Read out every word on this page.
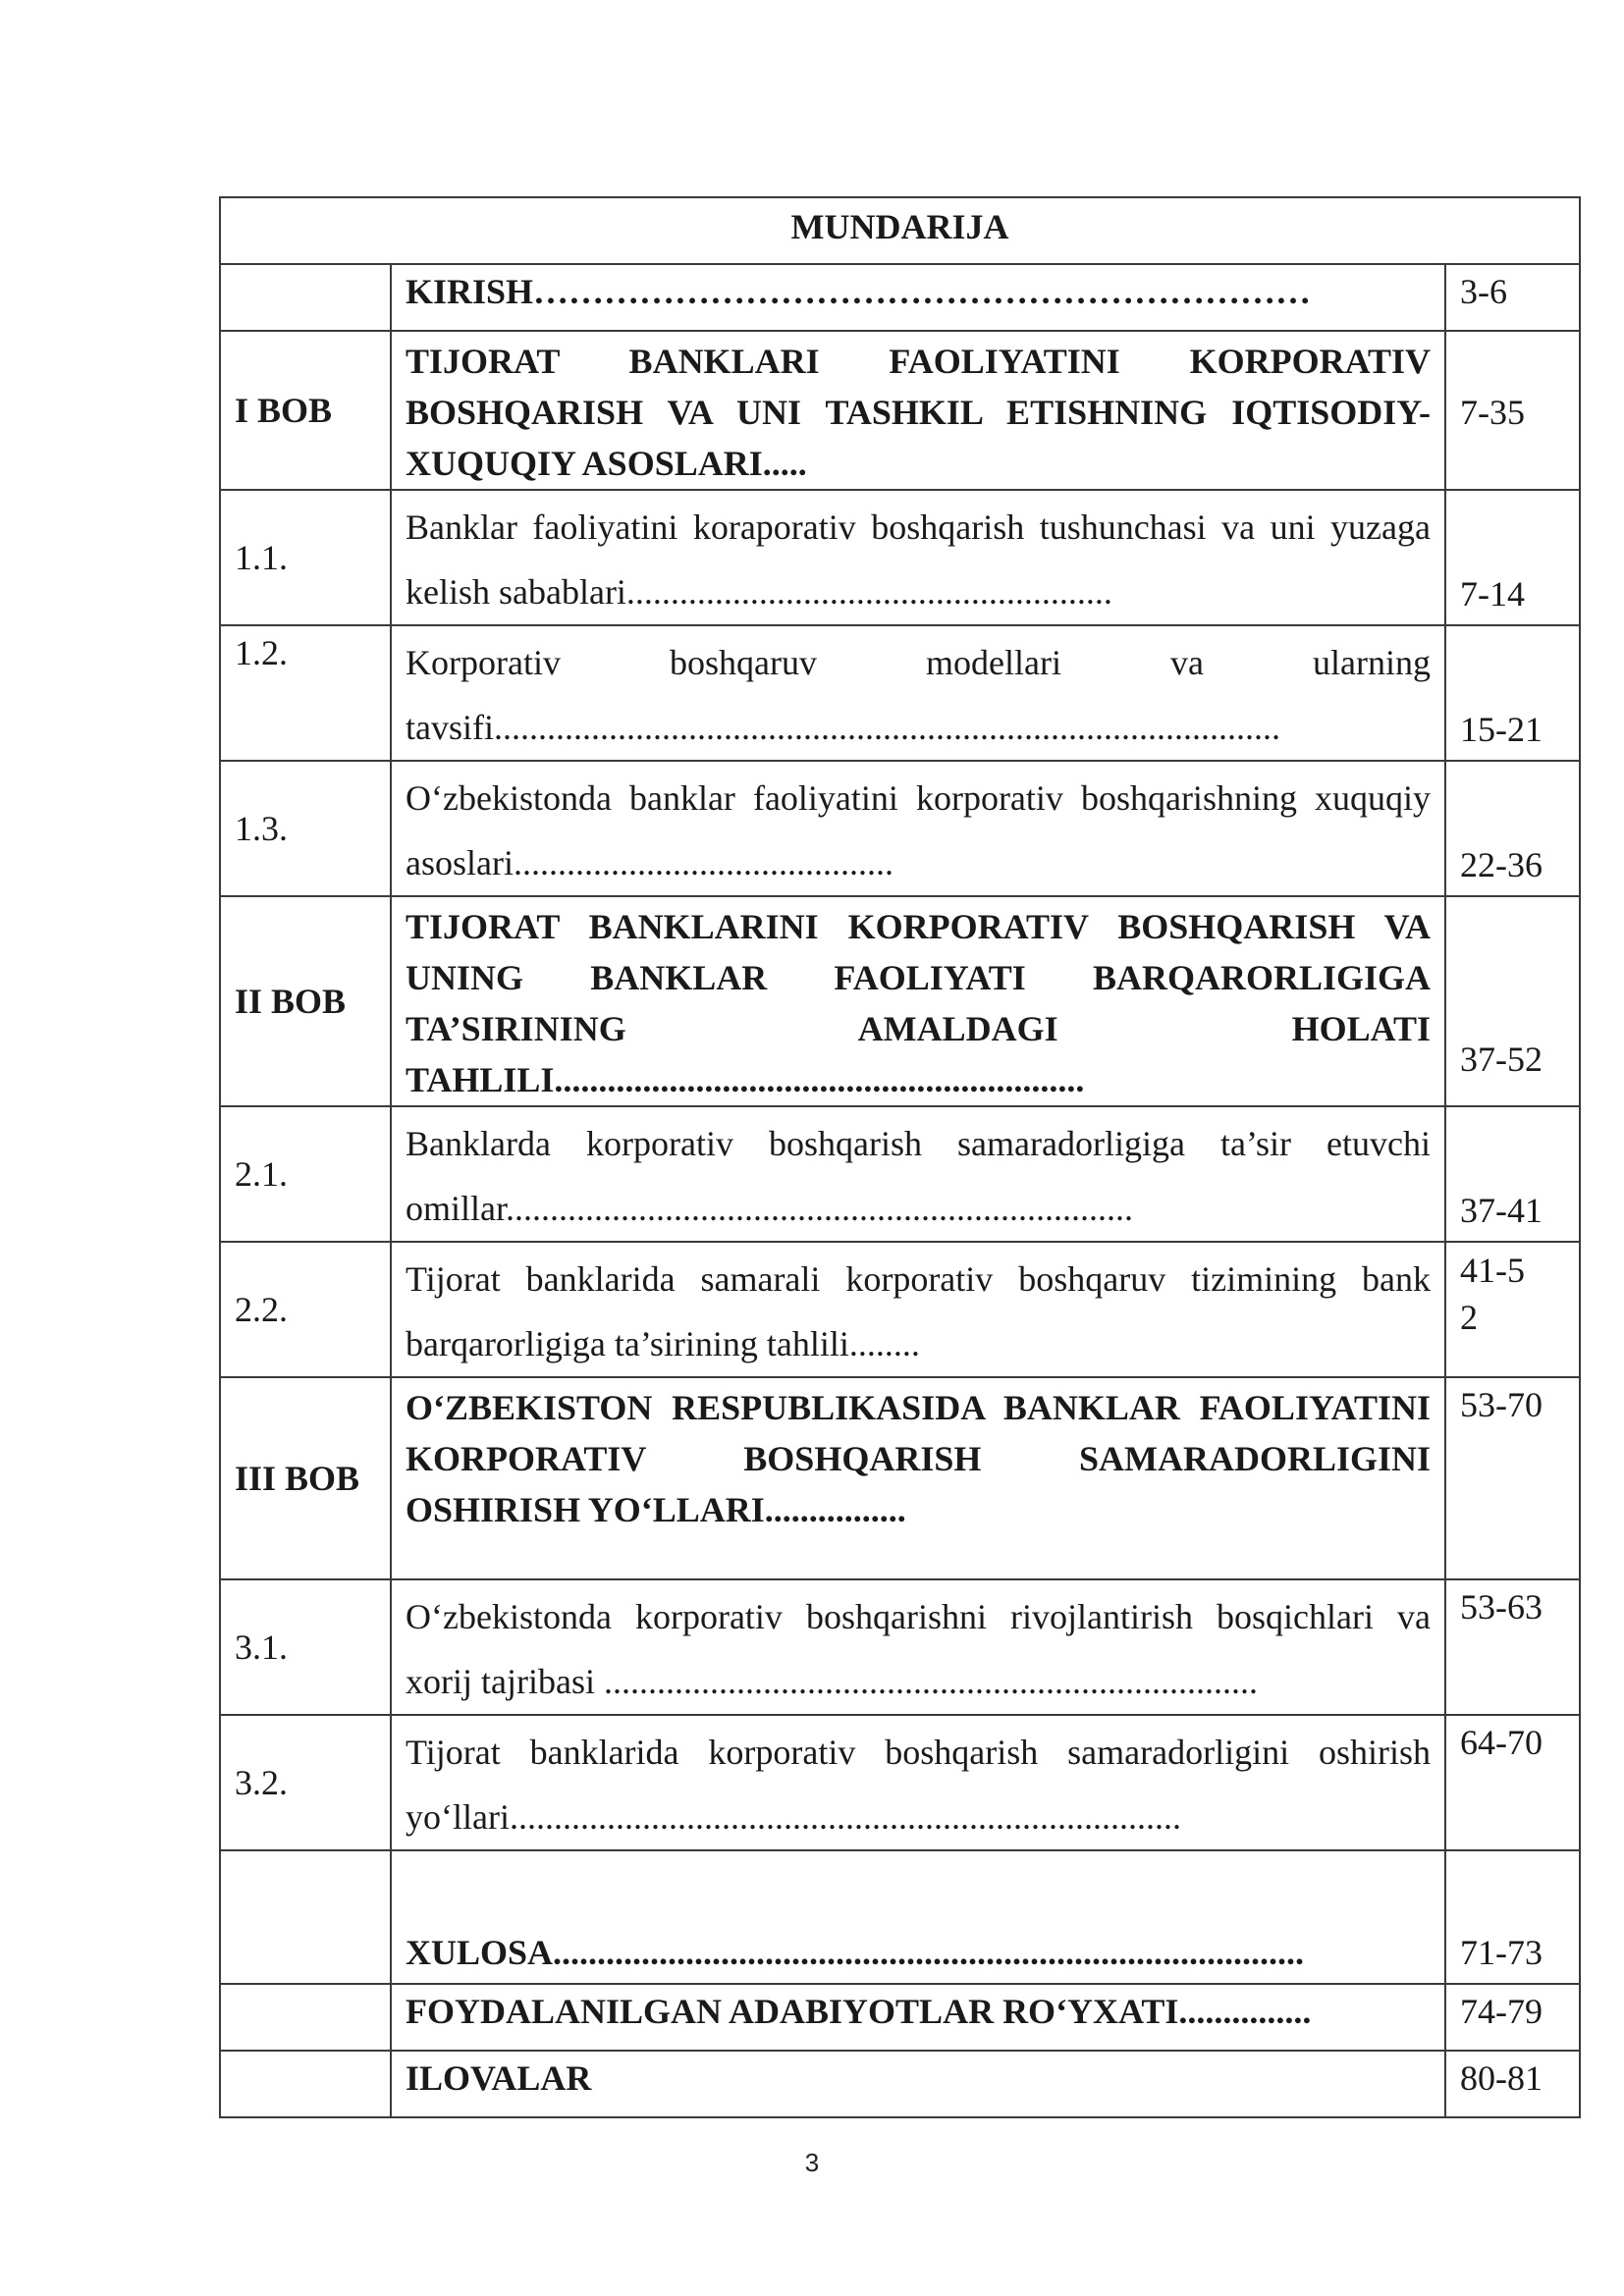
MUNDARIJA		

	KIRISH…………………………………………………………	3-6

I BOB	TIJORAT BANKLARI FAOLIYATINI KORPORATIV BOSHQARISH VA UNI TASHKIL ETISHNING IQTISODIY-XUQUQIY ASOSLARI.....	7-35

1.1.	Banklar faoliyatini koraporativ boshqarish tushunchasi va uni yuzaga kelish sabablari.......................................................	7-14

1.2.	Korporativ boshqaruv modellari va ularning tavsifi.........................................................................................	15-21

1.3.	O‘zbekistonda banklar faoliyatini korporativ boshqarishning xuquqiy asoslari...........................................	22-36

II BOB	TIJORAT BANKLARINI KORPORATIV BOSHQARISH VA UNING BANKLAR FAOLIYATI BARQARORLIGIGA TA’SIRINING AMALDAGI HOLATI TAHLILI............................................................	37-52

2.1.	Banklarda korporativ boshqarish samaradorligiga ta’sir etuvchi omillar.......................................................................	37-41

2.2.	Tijorat banklarida samarali korporativ boshqaruv tizimining bank barqarorligiga ta’sirining tahlili........	41-52

III BOB	O‘ZBEKISTON RESPUBLIKASIDA BANKLAR FAOLIYATINI KORPORATIV BOSHQARISH SAMARADORLIGINI OSHIRISH YO‘LLARI................	53-70

3.1.	O‘zbekistonda korporativ boshqarishni rivojlantirish bosqichlari va xorij tajribasi ..........................................................................	53-63

3.2.	Tijorat banklarida korporativ boshqarish samaradorligini oshirish yo‘llari............................................................................	64-70

	XULOSA.....................................................................................	71-73

	FOYDALANILGAN ADABIYOTLAR RO‘YXATI...............	74-79

	ILOVALAR	80-81
3
